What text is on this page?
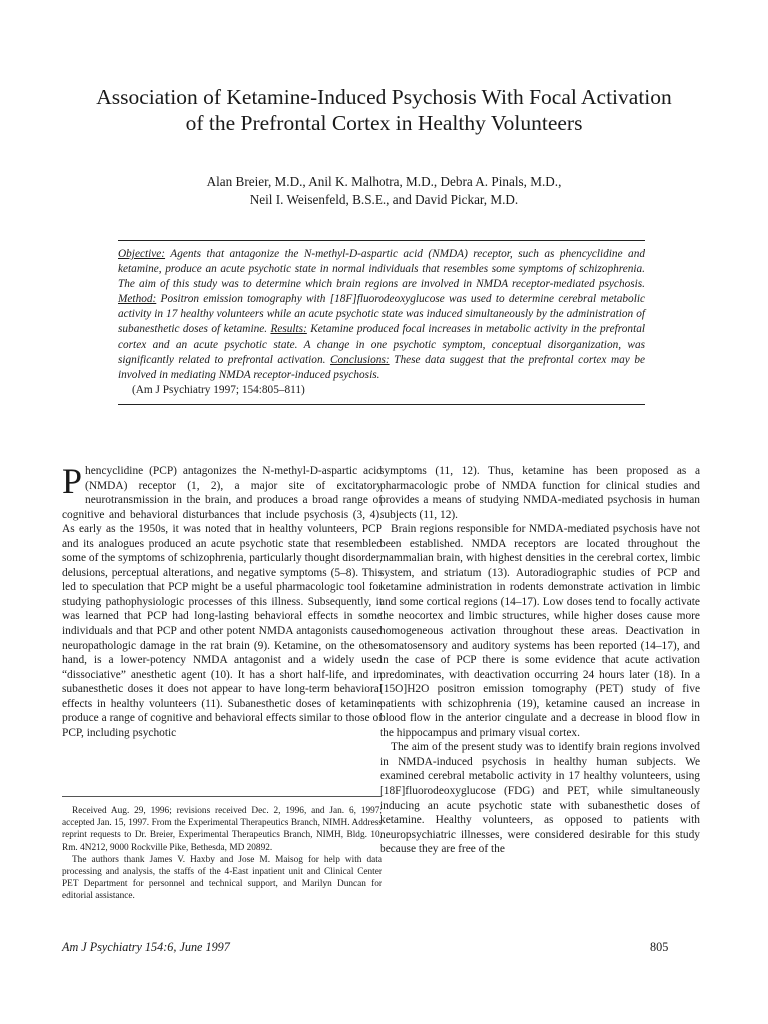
Association of Ketamine-Induced Psychosis With Focal Activation
of the Prefrontal Cortex in Healthy Volunteers
Alan Breier, M.D., Anil K. Malhotra, M.D., Debra A. Pinals, M.D.,
Neil I. Weisenfeld, B.S.E., and David Pickar, M.D.
Objective: Agents that antagonize the N-methyl-D-aspartic acid (NMDA) receptor, such as phencyclidine and ketamine, produce an acute psychotic state in normal individuals that resembles some symptoms of schizophrenia. The aim of this study was to determine which brain regions are involved in NMDA receptor-mediated psychosis. Method: Positron emission tomography with [18F]fluorodeoxyglucose was used to determine cerebral metabolic activity in 17 healthy volunteers while an acute psychotic state was induced simultaneously by the administration of subanesthetic doses of ketamine. Results: Ketamine produced focal increases in metabolic activity in the prefrontal cortex and an acute psychotic state. A change in one psychotic symptom, conceptual disorganization, was significantly related to prefrontal activation. Conclusions: These data suggest that the prefrontal cortex may be involved in mediating NMDA receptor-induced psychosis.
(Am J Psychiatry 1997; 154:805–811)

Phencyclidine (PCP) antagonizes the N-methyl-D-aspartic acid (NMDA) receptor (1, 2), a major site of excitatory neurotransmission in the brain, and produces a broad range of cognitive and behavioral disturbances that include psychosis (3, 4). As early as the 1950s, it was noted that in healthy volunteers, PCP and its analogues produced an acute psychotic state that resembled some of the symptoms of schizophrenia, particularly thought disorder, delusions, perceptual alterations, and negative symptoms (5–8). This led to speculation that PCP might be a useful pharmacologic tool for studying pathophysiologic processes of this illness. Subsequently, it was learned that PCP had long-lasting behavioral effects in some individuals and that PCP and other potent NMDA antagonists caused neuropathologic damage in the rat brain (9). Ketamine, on the other hand, is a lower-potency NMDA antagonist and a widely used “dissociative” anesthetic agent (10). It has a short half-life, and in subanesthetic doses it does not appear to have long-term behavioral effects in healthy volunteers (11). Subanesthetic doses of ketamine produce a range of cognitive and behavioral effects similar to those of PCP, including psychotic

symptoms (11, 12). Thus, ketamine has been proposed as a pharmacologic probe of NMDA function for clinical studies and provides a means of studying NMDA-mediated psychosis in human subjects (11, 12).

Brain regions responsible for NMDA-mediated psychosis have not been established. NMDA receptors are located throughout the mammalian brain, with highest densities in the cerebral cortex, limbic system, and striatum (13). Autoradiographic studies of PCP and ketamine administration in rodents demonstrate activation in limbic and some cortical regions (14–17). Low doses tend to focally activate the neocortex and limbic structures, while higher doses cause more homogeneous activation throughout these areas. Deactivation in somatosensory and auditory systems has been reported (14–17), and in the case of PCP there is some evidence that acute activation predominates, with deactivation occurring 24 hours later (18). In a [15O]H2O positron emission tomography (PET) study of five patients with schizophrenia (19), ketamine caused an increase in blood flow in the anterior cingulate and a decrease in blood flow in the hippocampus and primary visual cortex.

The aim of the present study was to identify brain regions involved in NMDA-induced psychosis in healthy human subjects. We examined cerebral metabolic activity in 17 healthy volunteers, using [18F]fluorodeoxyglucose (FDG) and PET, while simultaneously inducing an acute psychotic state with subanesthetic doses of ketamine. Healthy volunteers, as opposed to patients with neuropsychiatric illnesses, were considered desirable for this study because they are free of the

Received Aug. 29, 1996; revisions received Dec. 2, 1996, and Jan. 6, 1997; accepted Jan. 15, 1997. From the Experimental Therapeutics Branch, NIMH. Address reprint requests to Dr. Breier, Experimental Therapeutics Branch, NIMH, Bldg. 10, Rm. 4N212, 9000 Rockville Pike, Bethesda, MD 20892.

The authors thank James V. Haxby and Jose M. Maisog for help with data processing and analysis, the staffs of the 4-East inpatient unit and Clinical Center PET Department for personnel and technical support, and Marilyn Duncan for editorial assistance.

Am J Psychiatry 154:6, June 1997	805
